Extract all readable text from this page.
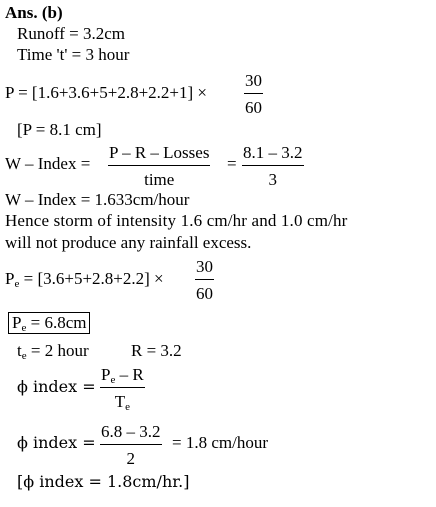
Ans. (b)
Runoff = 3.2cm
Time 't' = 3 hour
$P = [1.6+3.6+5+2.8+2.2+1] \times \frac{30}{60}$
[P = 8.1 cm]
W – Index =
P – R – Losses
time
= $\frac{8.1 - 3.2}{3}$
W – Index = 1.633cm/hour
Hence storm of intensity 1.6 cm/hr and 1.0 cm/hr
will not produce any rainfall excess.
$P_e = [3.6+5+2.8+2.2] \times \frac{30}{60}$
$P_e = 6.8cm$
$t_e = 2$ hour R = 3.2
ϕ index = $\frac{P_e - R}{T_e}$
ϕ index = $\frac{6.8 - 3.2}{2} = 1.8$ cm/hour
[ϕ index = 1.8cm/hr.]
